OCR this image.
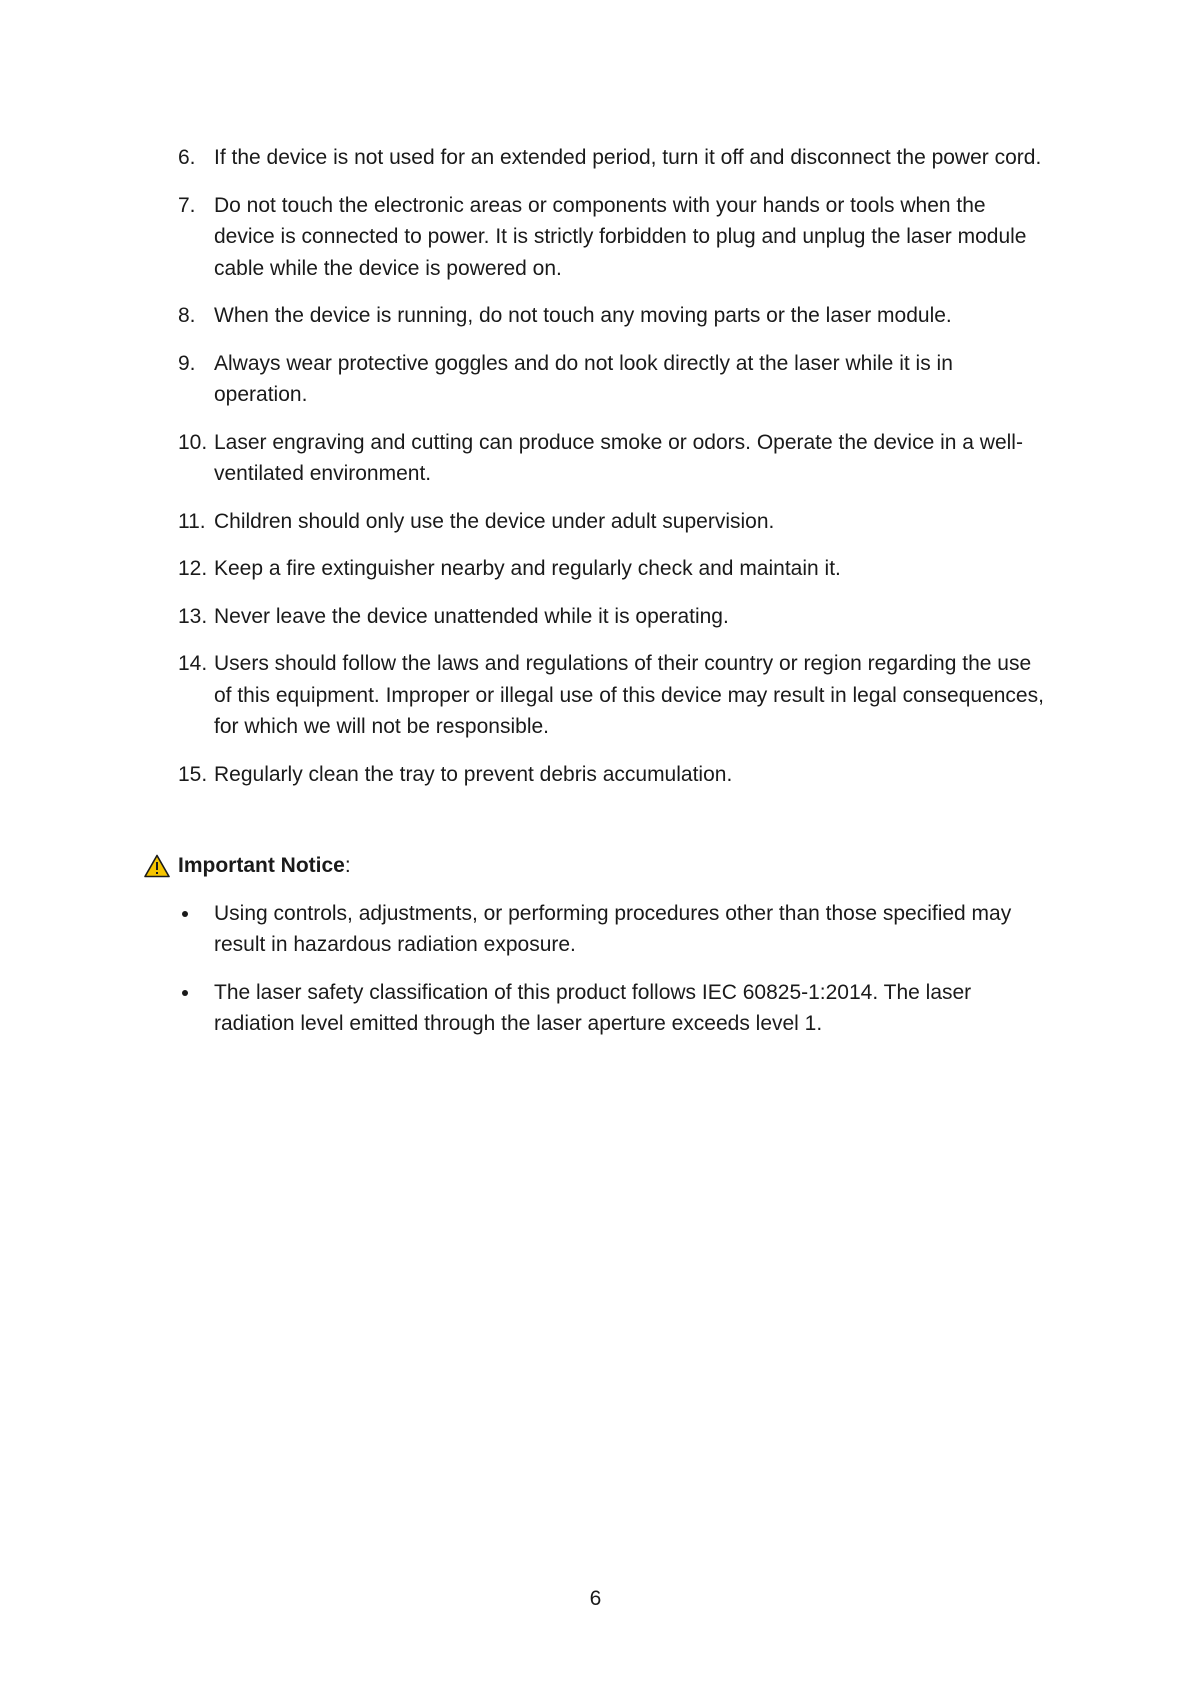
6. If the device is not used for an extended period, turn it off and disconnect the power cord.
7. Do not touch the electronic areas or components with your hands or tools when the device is connected to power. It is strictly forbidden to plug and unplug the laser module cable while the device is powered on.
8. When the device is running, do not touch any moving parts or the laser module.
9. Always wear protective goggles and do not look directly at the laser while it is in operation.
10. Laser engraving and cutting can produce smoke or odors. Operate the device in a well-ventilated environment.
11. Children should only use the device under adult supervision.
12. Keep a fire extinguisher nearby and regularly check and maintain it.
13. Never leave the device unattended while it is operating.
14. Users should follow the laws and regulations of their country or region regarding the use of this equipment. Improper or illegal use of this device may result in legal consequences, for which we will not be responsible.
15. Regularly clean the tray to prevent debris accumulation.
Important Notice:
Using controls, adjustments, or performing procedures other than those specified may result in hazardous radiation exposure.
The laser safety classification of this product follows IEC 60825-1:2014. The laser radiation level emitted through the laser aperture exceeds level 1.
6
